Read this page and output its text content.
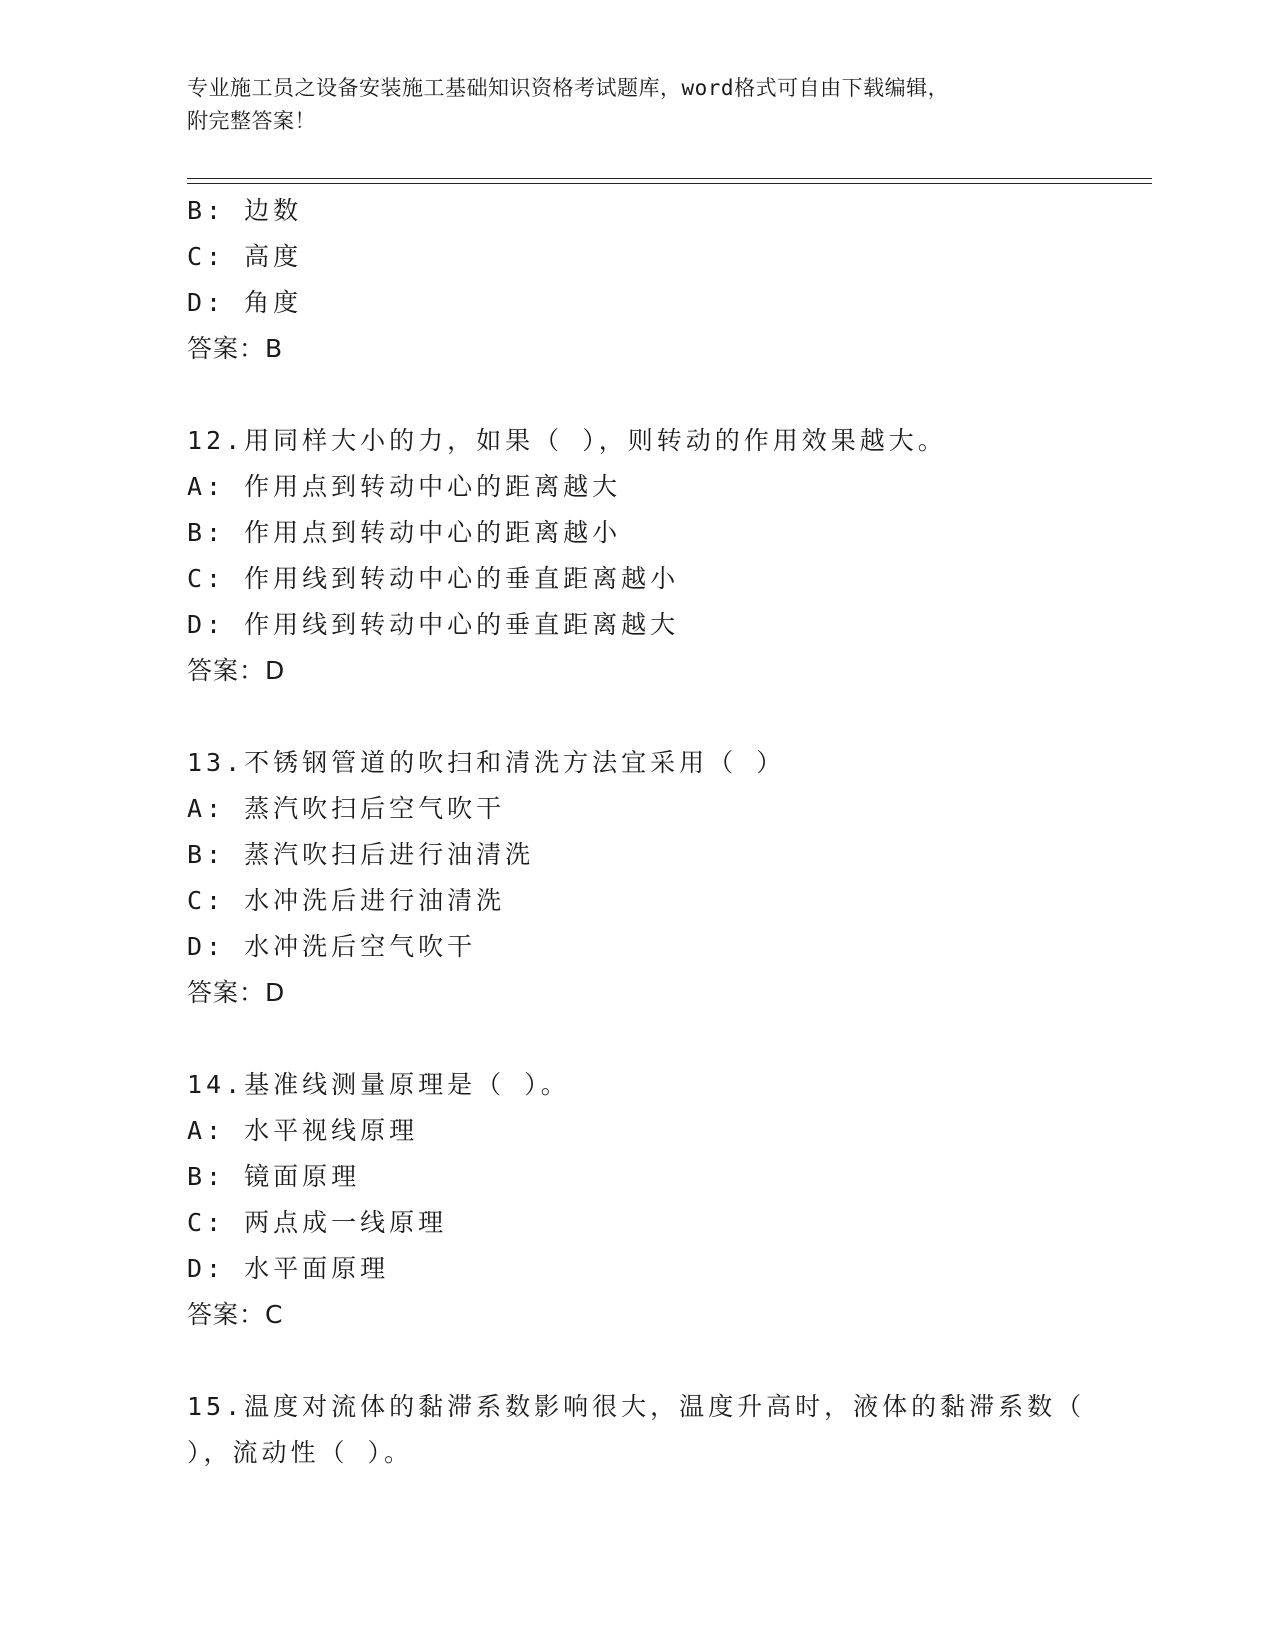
专业施工员之设备安装施工基础知识资格考试题库，word格式可自由下载编辑，
附完整答案！
B: 边数
C: 高度
D: 角度
答案：B
12.用同样大小的力，如果（ ），则转动的作用效果越大。
A: 作用点到转动中心的距离越大
B: 作用点到转动中心的距离越小
C: 作用线到转动中心的垂直距离越小
D: 作用线到转动中心的垂直距离越大
答案：D
13.不锈钢管道的吹扫和清洗方法宜采用（ ）
A: 蒸汽吹扫后空气吹干
B: 蒸汽吹扫后进行油清洗
C: 水冲洗后进行油清洗
D: 水冲洗后空气吹干
答案：D
14.基准线测量原理是（ ）。
A: 水平视线原理
B: 镜面原理
C: 两点成一线原理
D: 水平面原理
答案：C
15.温度对流体的黏滞系数影响很大，温度升高时，液体的黏滞系数（
），流动性（ ）。
